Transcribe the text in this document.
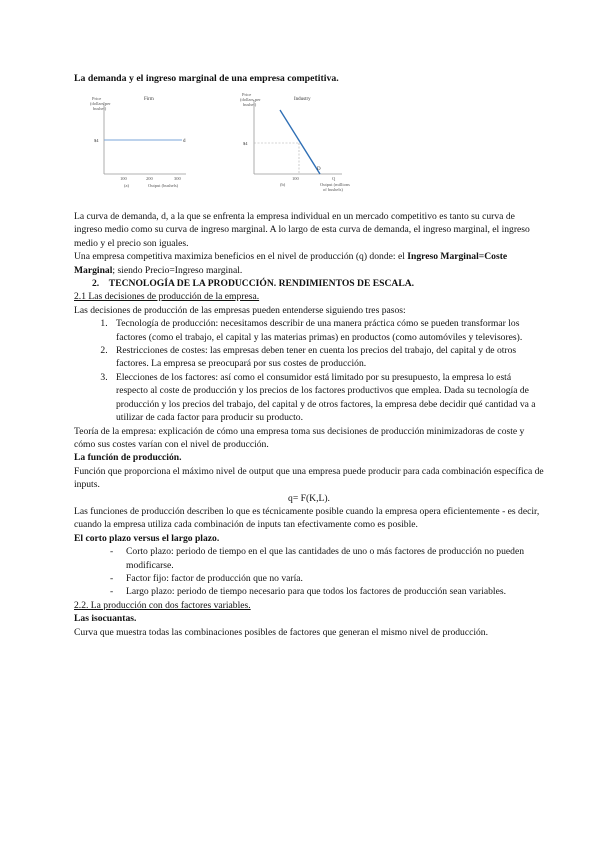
La demanda y el ingreso marginal de una empresa competitiva.
Price
(dollars per
bushel)
Firm
$4	d
100	200	300
(a)	Output (bushels)
Price
(dollars per
bushel)
Industry
$4
D
100	Q
(b)	Output (millions
of bushels)

La curva de demanda, d, a la que se enfrenta la empresa individual en un mercado competitivo es tanto su curva de ingreso medio como su curva de ingreso marginal. A lo largo de esta curva de demanda, el ingreso marginal, el ingreso medio y el precio son iguales.

Una empresa competitiva maximiza beneficios en el nivel de producción (q) donde: el Ingreso Marginal=Coste Marginal; siendo Precio=Ingreso marginal.

2. TECNOLOGÍA DE LA PRODUCCIÓN. RENDIMIENTOS DE ESCALA.

2.1 Las decisiones de producción de la empresa.

Las decisiones de producción de las empresas pueden entenderse siguiendo tres pasos:

1. Tecnología de producción: necesitamos describir de una manera práctica cómo se pueden transformar los factores (como el trabajo, el capital y las materias primas) en productos (como automóviles y televisores).
2. Restricciones de costes: las empresas deben tener en cuenta los precios del trabajo, del capital y de otros factores. La empresa se preocupará por sus costes de producción.
3. Elecciones de los factores: así como el consumidor está limitado por su presupuesto, la empresa lo está respecto al coste de producción y los precios de los factores productivos que emplea. Dada su tecnología de producción y los precios del trabajo, del capital y de otros factores, la empresa debe decidir qué cantidad va a utilizar de cada factor para producir su producto.

Teoría de la empresa: explicación de cómo una empresa toma sus decisiones de producción minimizadoras de coste y cómo sus costes varían con el nivel de producción.

La función de producción.

Función que proporciona el máximo nivel de output que una empresa puede producir para cada combinación específica de inputs.

q= F(K,L).

Las funciones de producción describen lo que es técnicamente posible cuando la empresa opera eficientemente - es decir, cuando la empresa utiliza cada combinación de inputs tan efectivamente como es posible.

El corto plazo versus el largo plazo.

- Corto plazo: periodo de tiempo en el que las cantidades de uno o más factores de producción no pueden modificarse.
- Factor fijo: factor de producción que no varía.
- Largo plazo: periodo de tiempo necesario para que todos los factores de producción sean variables.

2.2. La producción con dos factores variables.

Las isocuantas.

Curva que muestra todas las combinaciones posibles de factores que generan el mismo nivel de producción.
